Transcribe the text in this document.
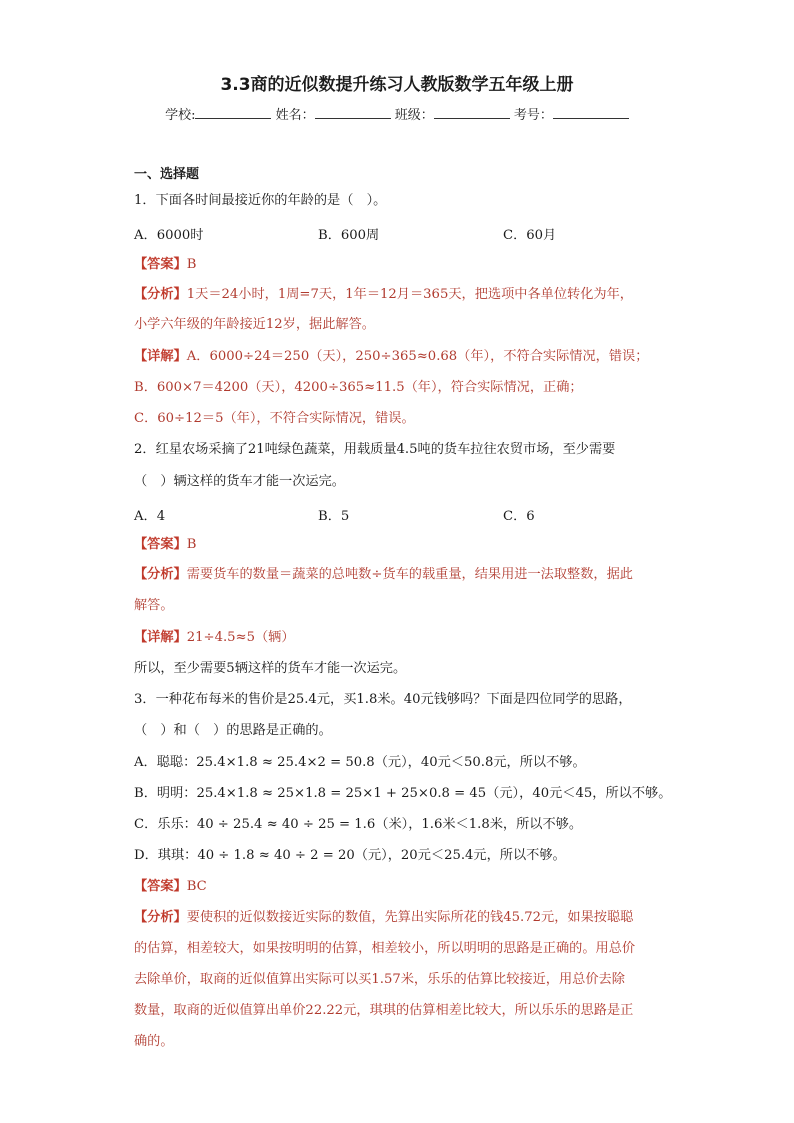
3.3商的近似数提升练习人教版数学五年级上册
学校:	姓名：	班级：	考号：
一、选择题
1．下面各时间最接近你的年龄的是（　）。
A．6000时	B．600周	C．60月
【答案】B
【分析】1天＝24小时，1周=7天，1年＝12月＝365天，把选项中各单位转化为年，
小学六年级的年龄接近12岁，据此解答。
【详解】A．6000÷24＝250（天），250÷365≈0.68（年），不符合实际情况，错误；
B．600×7＝4200（天），4200÷365≈11.5（年），符合实际情况，正确；
C．60÷12＝5（年），不符合实际情况，错误。
2．红星农场采摘了21吨绿色蔬菜，用载质量4.5吨的货车拉往农贸市场，至少需要
（　）辆这样的货车才能一次运完。
A．4	B．5	C．6
【答案】B
【分析】需要货车的数量＝蔬菜的总吨数÷货车的载重量，结果用进一法取整数，据此
解答。
【详解】21÷4.5≈5（辆）
所以，至少需要5辆这样的货车才能一次运完。
3．一种花布每米的售价是25.4元，买1.8米。40元钱够吗？下面是四位同学的思路，
（　）和（　）的思路是正确的。
A．聪聪：25.4×1.8 ≈ 25.4×2 = 50.8（元），40元＜50.8元，所以不够。
B．明明：25.4×1.8 ≈ 25×1.8 = 25×1 + 25×0.8 = 45（元），40元＜45，所以不够。
C．乐乐：40 ÷ 25.4 ≈ 40 ÷ 25 = 1.6（米），1.6米＜1.8米，所以不够。
D．琪琪：40 ÷ 1.8 ≈ 40 ÷ 2 = 20（元），20元＜25.4元，所以不够。
【答案】BC
【分析】要使积的近似数接近实际的数值，先算出实际所花的钱45.72元，如果按聪聪
的估算，相差较大，如果按明明的估算，相差较小，所以明明的思路是正确的。用总价
去除单价，取商的近似值算出实际可以买1.57米，乐乐的估算比较接近，用总价去除
数量，取商的近似值算出单价22.22元，琪琪的估算相差比较大，所以乐乐的思路是正
确的。
